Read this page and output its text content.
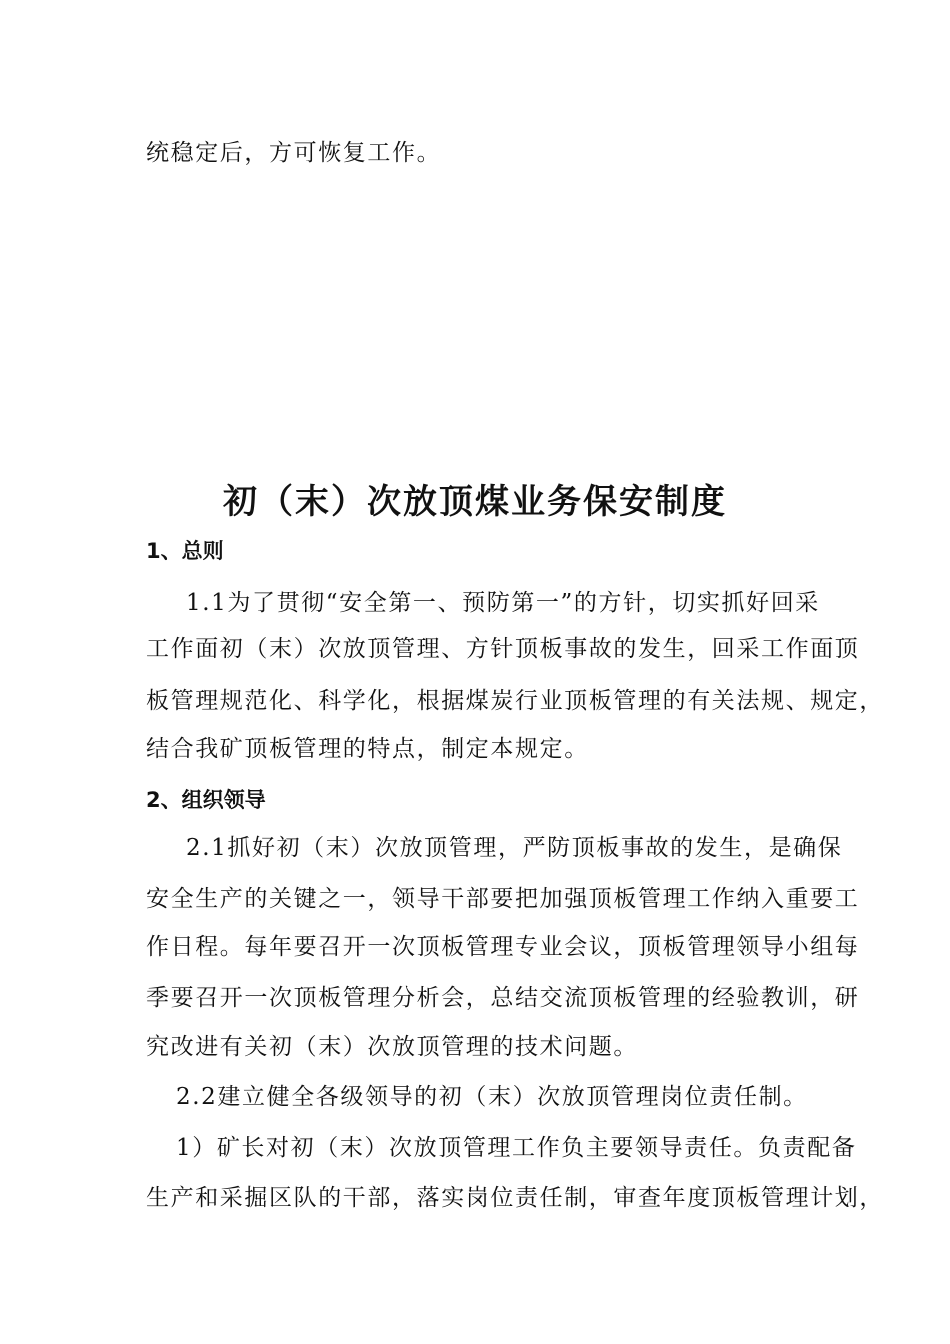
统稳定后，方可恢复工作。
初（末）次放顶煤业务保安制度
1、总则
1.1为了贯彻“安全第一、预防第一”的方针，切实抓好回采
工作面初（末）次放顶管理、方针顶板事故的发生，回采工作面顶
板管理规范化、科学化，根据煤炭行业顶板管理的有关法规、规定，
结合我矿顶板管理的特点，制定本规定。
2、组织领导
2.1抓好初（末）次放顶管理，严防顶板事故的发生，是确保
安全生产的关键之一，领导干部要把加强顶板管理工作纳入重要工
作日程。每年要召开一次顶板管理专业会议，顶板管理领导小组每
季要召开一次顶板管理分析会，总结交流顶板管理的经验教训，研
究改进有关初（末）次放顶管理的技术问题。
2.2建立健全各级领导的初（末）次放顶管理岗位责任制。
1）矿长对初（末）次放顶管理工作负主要领导责任。负责配备
生产和采掘区队的干部，落实岗位责任制，审查年度顶板管理计划，
